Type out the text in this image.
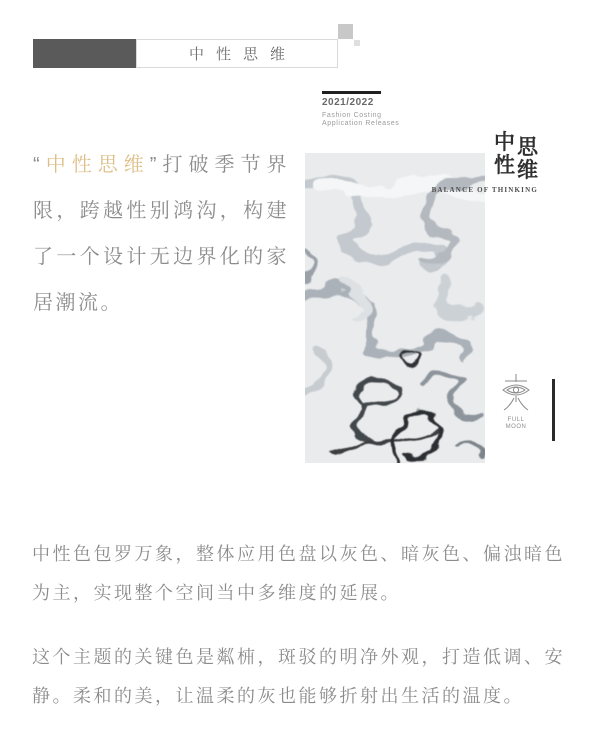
中性思维

“中性思维”打破季节界限，跨越性别鸿沟，构建了一个设计无边界化的家居潮流。

2021/2022
Fashion Costing
Application Releases
中 思
性 维
BALANCE OF THINKING
FULL
MOON

中性色包罗万象，整体应用色盘以灰色、暗灰色、偏浊暗色为主，实现整个空间当中多维度的延展。

这个主题的关键色是粼枾，斑驳的明净外观，打造低调、安静。柔和的美，让温柔的灰也能够折射出生活的温度。
